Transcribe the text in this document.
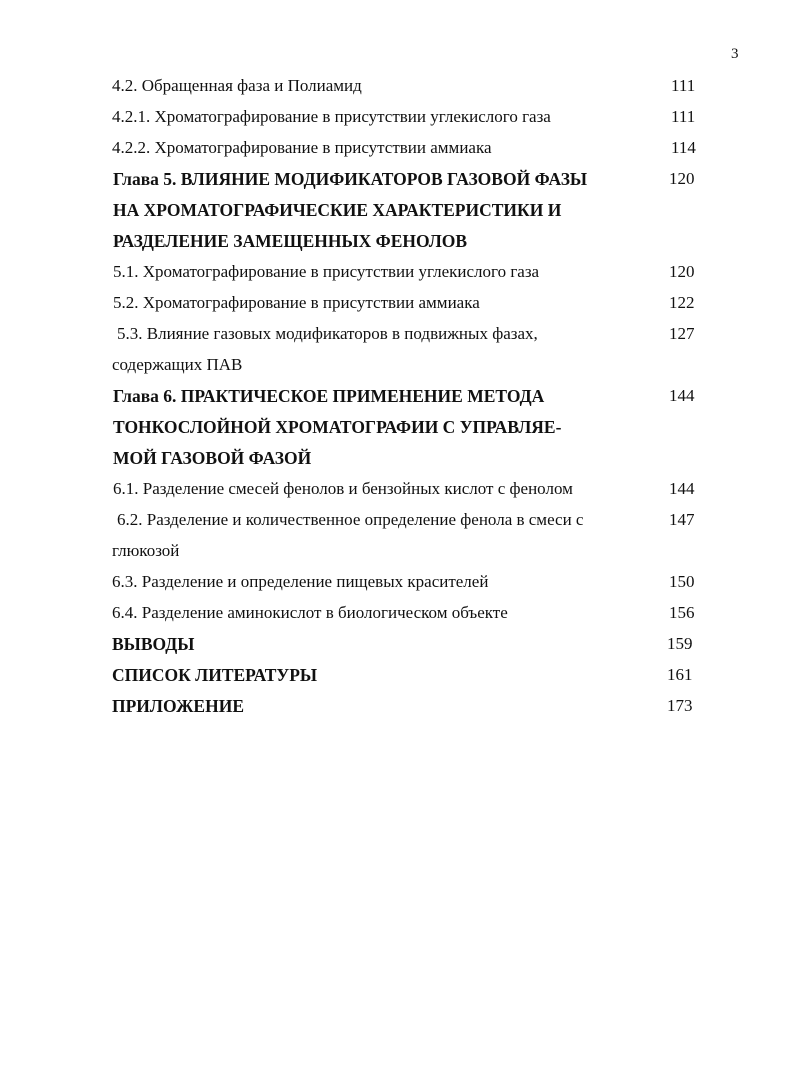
3
4.2. Обращенная фаза и Полиамид	111
4.2.1. Хроматографирование в присутствии углекислого газа	111
4.2.2. Хроматографирование в присутствии аммиака	114
Глава 5. ВЛИЯНИЕ МОДИФИКАТОРОВ ГАЗОВОЙ ФАЗЫ	120
НА ХРОМАТОГРАФИЧЕСКИЕ ХАРАКТЕРИСТИКИ И
РАЗДЕЛЕНИЕ ЗАМЕЩЕННЫХ ФЕНОЛОВ
5.1. Хроматографирование в присутствии углекислого газа	120
5.2. Хроматографирование в присутствии аммиака	122
5.3. Влияние газовых модификаторов в подвижных фазах,	127
содержащих ПАВ
Глава 6. ПРАКТИЧЕСКОЕ ПРИМЕНЕНИЕ МЕТОДА	144
ТОНКОСЛОЙНОЙ ХРОМАТОГРАФИИ С УПРАВЛЯЕ-
МОЙ ГАЗОВОЙ ФАЗОЙ
6.1. Разделение смесей фенолов и бензойных кислот с фенолом	144
6.2. Разделение и количественное определение фенола в смеси с	147
глюкозой
6.3. Разделение и определение пищевых красителей	150
6.4. Разделение аминокислот в биологическом объекте	156
ВЫВОДЫ	159
СПИСОК ЛИТЕРАТУРЫ	161
ПРИЛОЖЕНИЕ	173
